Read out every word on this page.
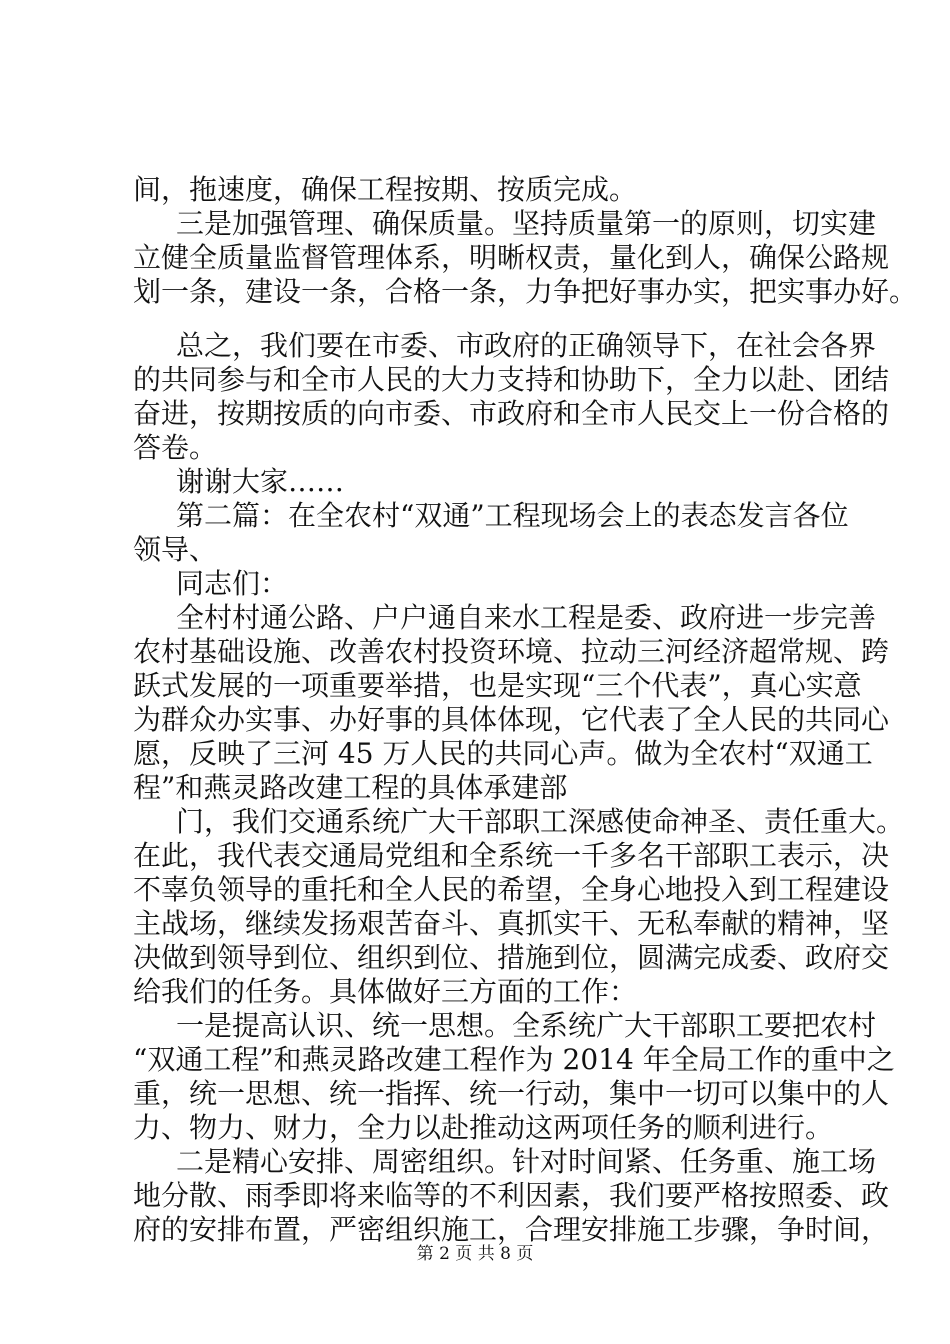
间，拖速度，确保工程按期、按质完成。
三是加强管理、确保质量。坚持质量第一的原则，切实建
立健全质量监督管理体系，明晰权责，量化到人，确保公路规
划一条，建设一条，合格一条，力争把好事办实，把实事办好。
总之，我们要在市委、市政府的正确领导下，在社会各界
的共同参与和全市人民的大力支持和协助下，全力以赴、团结
奋进，按期按质的向市委、市政府和全市人民交上一份合格的
答卷。
谢谢大家……
第二篇：在全农村“双通”工程现场会上的表态发言各位
领导、
同志们：
全村村通公路、户户通自来水工程是委、政府进一步完善
农村基础设施、改善农村投资环境、拉动三河经济超常规、跨
跃式发展的一项重要举措，也是实现“三个代表”，真心实意
为群众办实事、办好事的具体体现，它代表了全人民的共同心
愿，反映了三河 45 万人民的共同心声。做为全农村“双通工
程”和燕灵路改建工程的具体承建部
门，我们交通系统广大干部职工深感使命神圣、责任重大。
在此，我代表交通局党组和全系统一千多名干部职工表示，决
不辜负领导的重托和全人民的希望，全身心地投入到工程建设
主战场，继续发扬艰苦奋斗、真抓实干、无私奉献的精神，坚
决做到领导到位、组织到位、措施到位，圆满完成委、政府交
给我们的任务。具体做好三方面的工作：
一是提高认识、统一思想。全系统广大干部职工要把农村
“双通工程”和燕灵路改建工程作为 2014 年全局工作的重中之
重，统一思想、统一指挥、统一行动，集中一切可以集中的人
力、物力、财力，全力以赴推动这两项任务的顺利进行。
二是精心安排、周密组织。针对时间紧、任务重、施工场
地分散、雨季即将来临等的不利因素，我们要严格按照委、政
府的安排布置，严密组织施工，合理安排施工步骤，争时间，
第 2 页 共 8 页
